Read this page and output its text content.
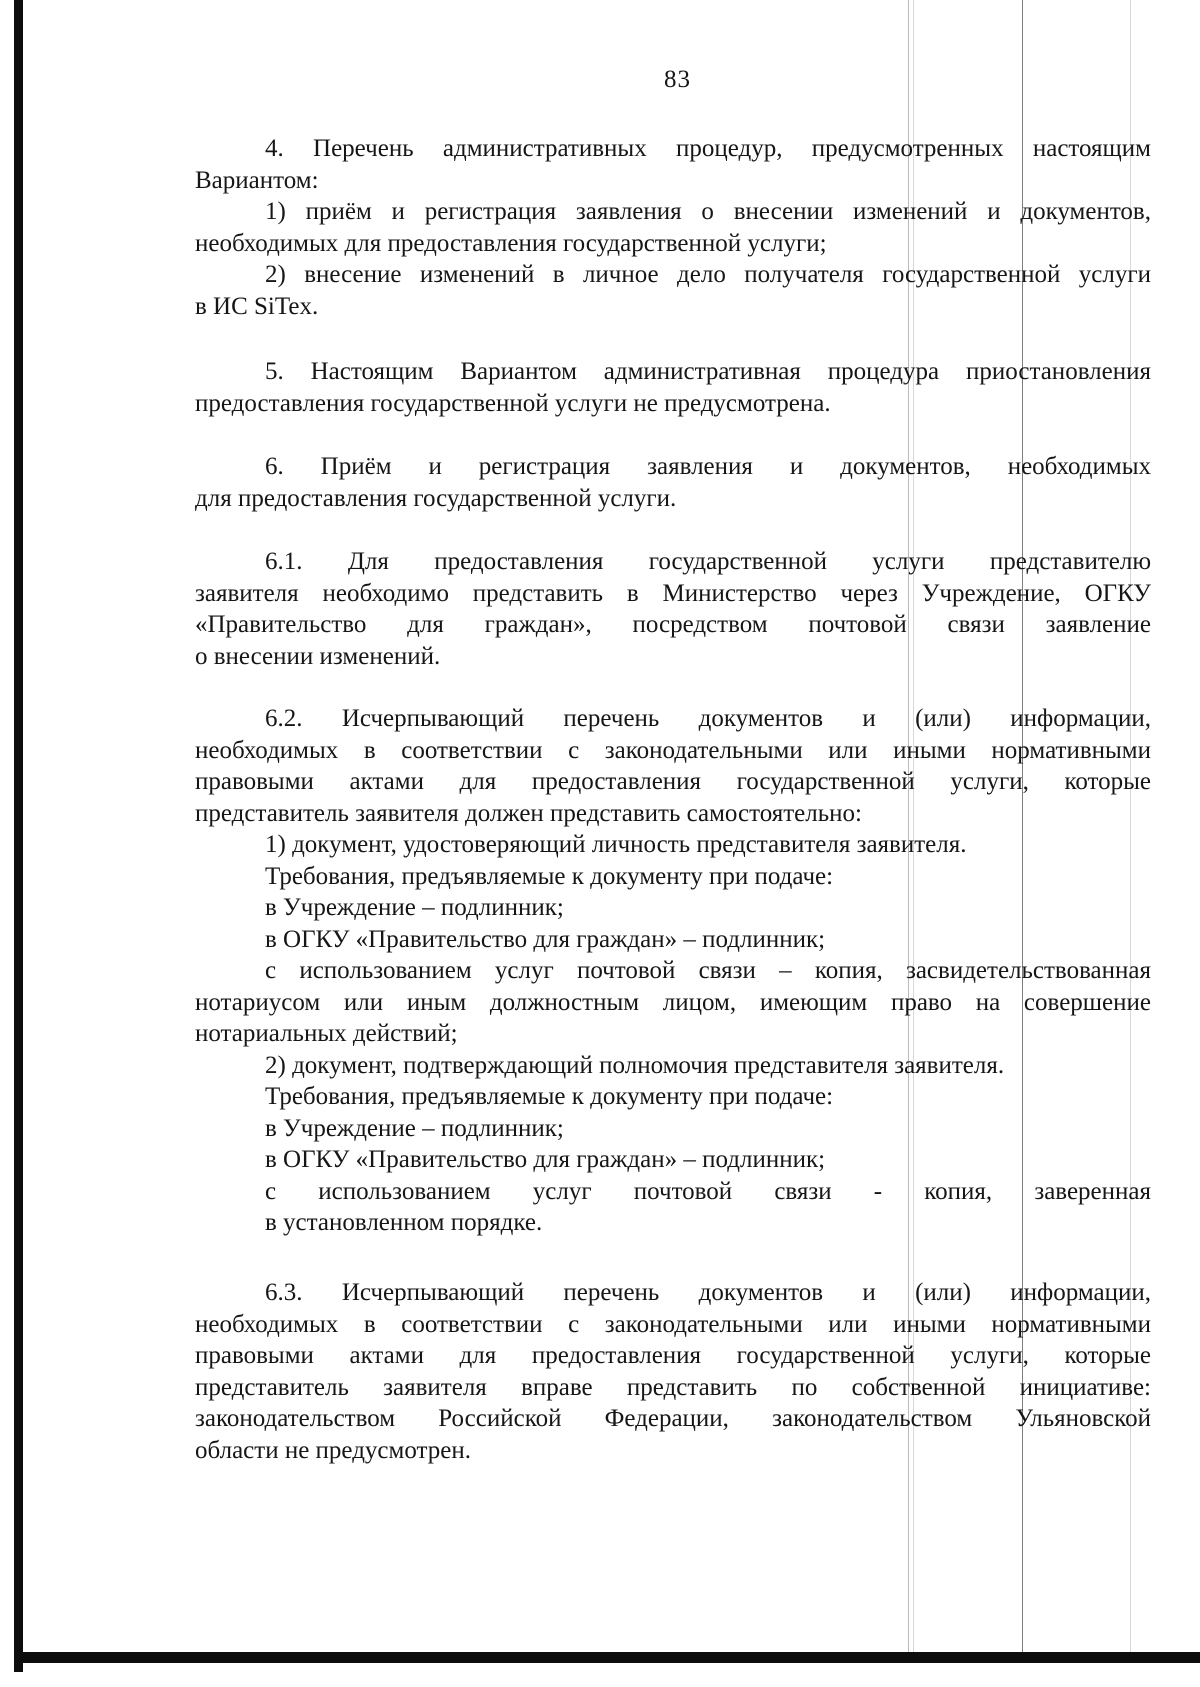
83
4. Перечень административных процедур, предусмотренных настоящим
Вариантом:
1) приём и регистрация заявления о внесении изменений и документов,
необходимых для предоставления государственной услуги;
2) внесение изменений в личное дело получателя государственной услуги
в ИС SiTex.
5. Настоящим Вариантом административная процедура приостановления
предоставления государственной услуги не предусмотрена.
6. Приём и регистрация заявления и документов, необходимых
для предоставления государственной услуги.
6.1. Для предоставления государственной услуги представителю
заявителя необходимо представить в Министерство через Учреждение, ОГКУ
«Правительство для граждан», посредством почтовой связи заявление
о внесении изменений.
6.2. Исчерпывающий перечень документов и (или) информации,
необходимых в соответствии с законодательными или иными нормативными
правовыми актами для предоставления государственной услуги, которые
представитель заявителя должен представить самостоятельно:
1) документ, удостоверяющий личность представителя заявителя.
Требования, предъявляемые к документу при подаче:
в Учреждение – подлинник;
в ОГКУ «Правительство для граждан» – подлинник;
с использованием услуг почтовой связи – копия, засвидетельствованная
нотариусом или иным должностным лицом, имеющим право на совершение
нотариальных действий;
2) документ, подтверждающий полномочия представителя заявителя.
Требования, предъявляемые к документу при подаче:
в Учреждение – подлинник;
в ОГКУ «Правительство для граждан» – подлинник;
с использованием услуг почтовой связи - копия, заверенная
в установленном порядке.
6.3. Исчерпывающий перечень документов и (или) информации,
необходимых в соответствии с законодательными или иными нормативными
правовыми актами для предоставления государственной услуги, которые
представитель заявителя вправе представить по собственной инициативе:
законодательством Российской Федерации, законодательством Ульяновской
области не предусмотрен.
